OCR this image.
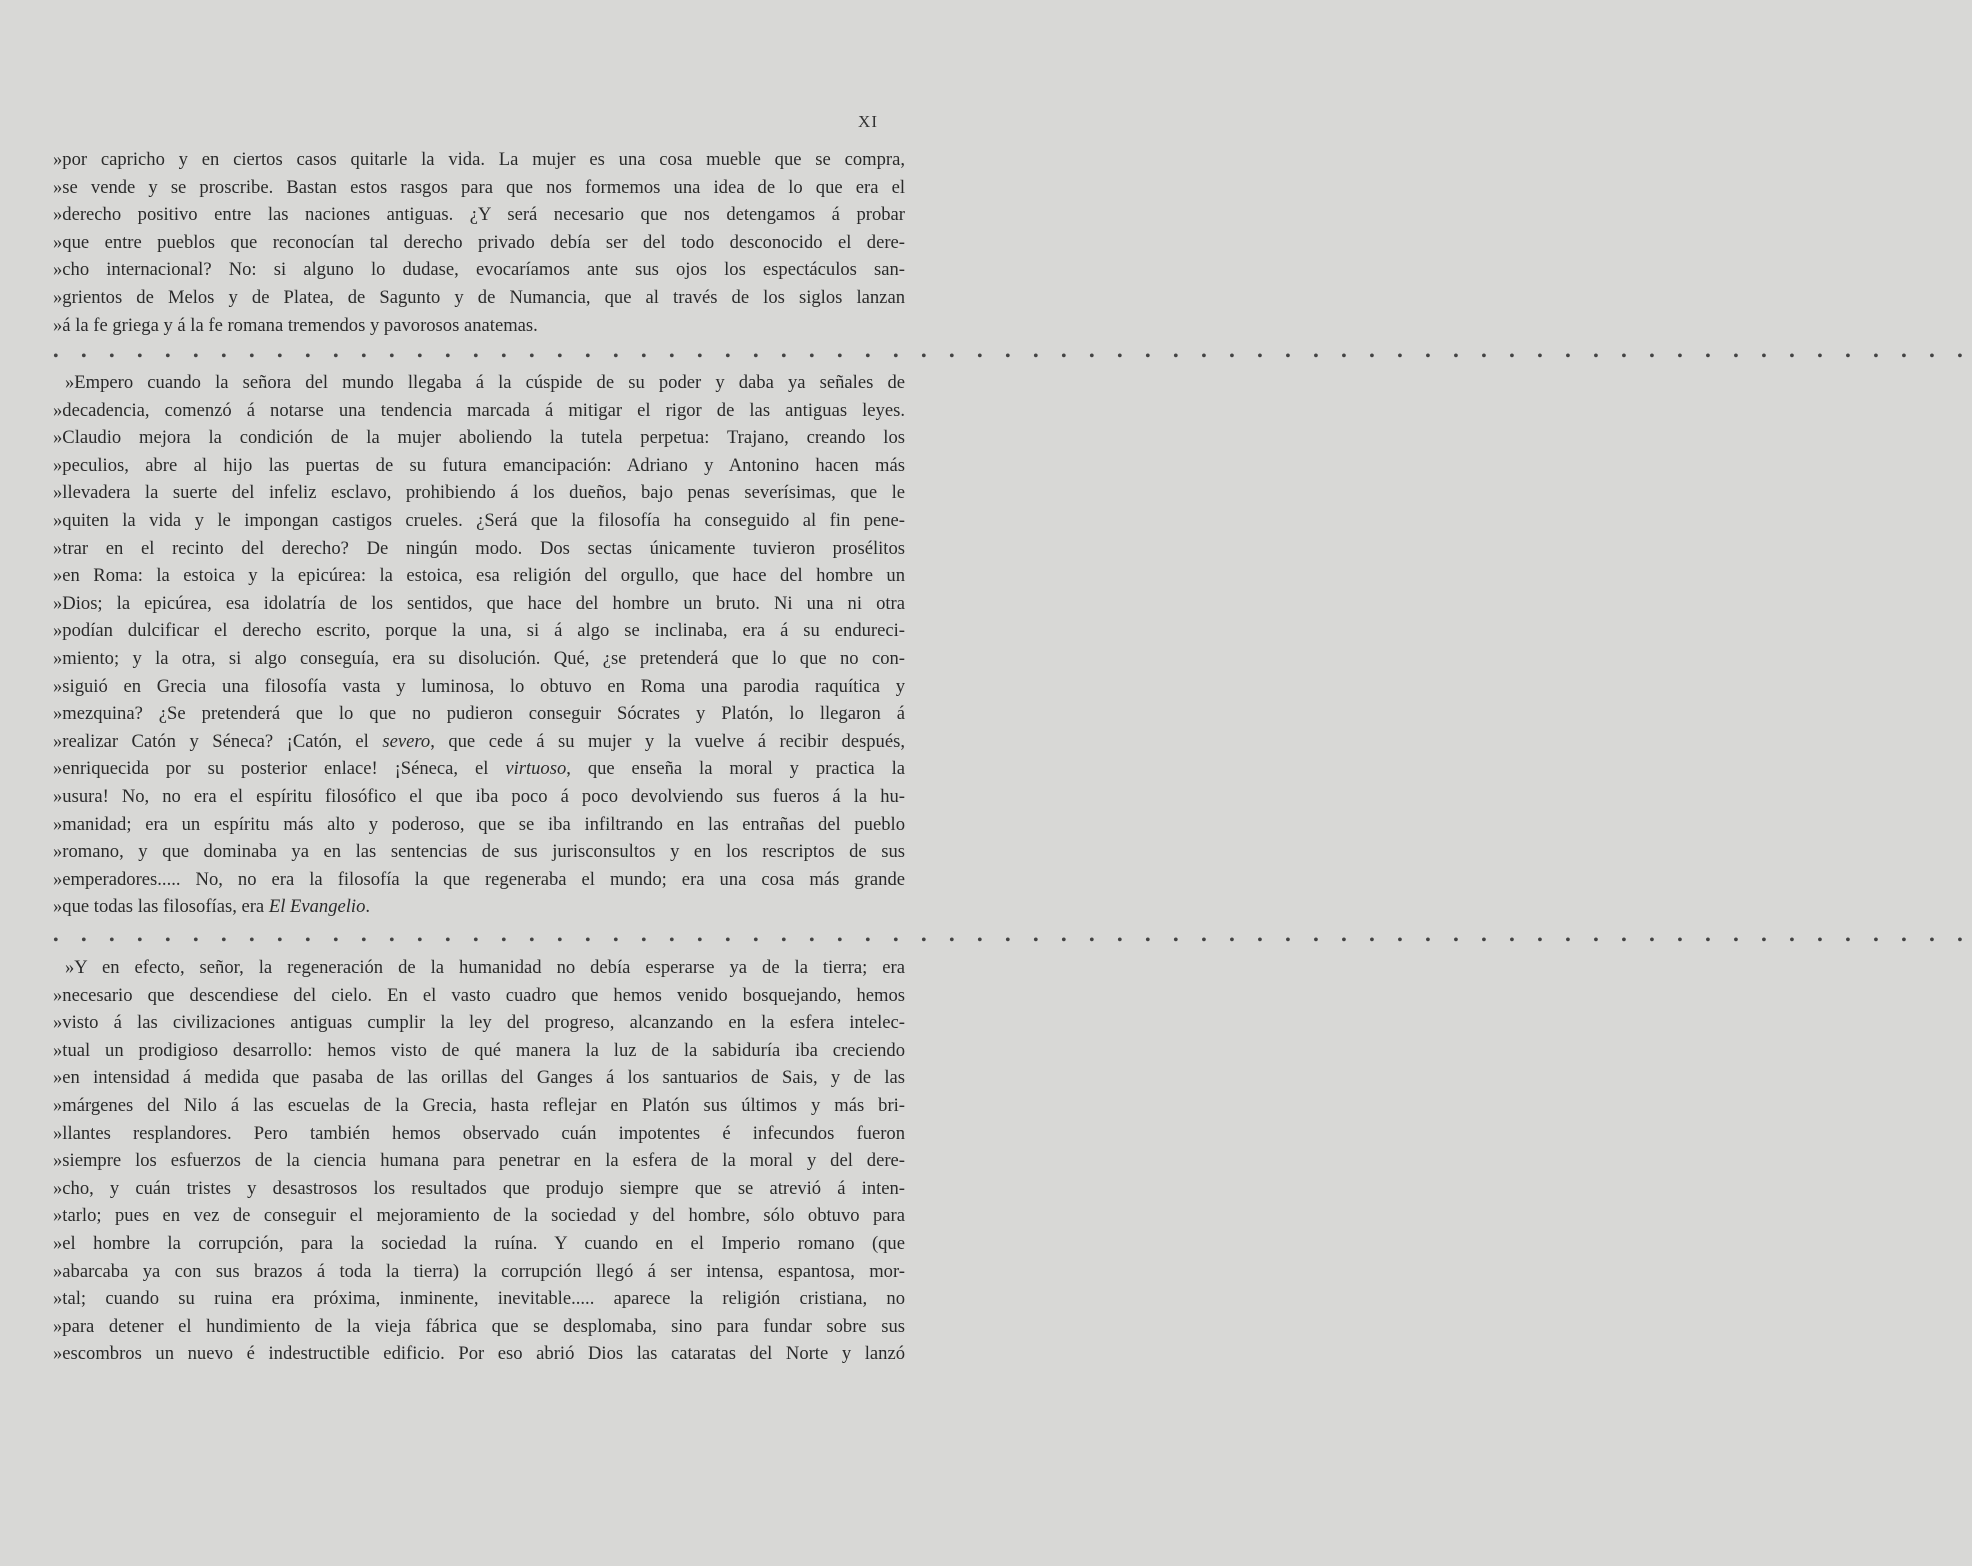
XI
»por capricho y en ciertos casos quitarle la vida. La mujer es una cosa mueble que se compra,
»se vende y se proscribe. Bastan estos rasgos para que nos formemos una idea de lo que era el
»derecho positivo entre las naciones antiguas. ¿Y será necesario que nos detengamos á probar
»que entre pueblos que reconocían tal derecho privado debía ser del todo desconocido el dere-
»cho internacional? No: si alguno lo dudase, evocaríamos ante sus ojos los espectáculos san-
»grientos de Melos y de Platea, de Sagunto y de Numancia, que al través de los siglos lanzan
»á la fe griega y á la fe romana tremendos y pavorosos anatemas.
• • • • • • • • • • • • • • • • • • • • • • • • • • • • • • • • • • • • • • • • • • • • • • • • • • • • • • • • • • • • • • • • • • • • •
»Empero cuando la señora del mundo llegaba á la cúspide de su poder y daba ya señales de
»decadencia, comenzó á notarse una tendencia marcada á mitigar el rigor de las antiguas leyes.
»Claudio mejora la condición de la mujer aboliendo la tutela perpetua: Trajano, creando los
»peculios, abre al hijo las puertas de su futura emancipación: Adriano y Antonino hacen más
»llevadera la suerte del infeliz esclavo, prohibiendo á los dueños, bajo penas severísimas, que le
»quiten la vida y le impongan castigos crueles. ¿Será que la filosofía ha conseguido al fin pene-
»trar en el recinto del derecho? De ningún modo. Dos sectas únicamente tuvieron prosélitos
»en Roma: la estoica y la epicúrea: la estoica, esa religión del orgullo, que hace del hombre un
»Dios; la epicúrea, esa idolatría de los sentidos, que hace del hombre un bruto. Ni una ni otra
»podían dulcificar el derecho escrito, porque la una, si á algo se inclinaba, era á su endureci-
»miento; y la otra, si algo conseguía, era su disolución. Qué, ¿se pretenderá que lo que no con-
»siguió en Grecia una filosofía vasta y luminosa, lo obtuvo en Roma una parodia raquítica y
»mezquina? ¿Se pretenderá que lo que no pudieron conseguir Sócrates y Platón, lo llegaron á
»realizar Catón y Séneca? ¡Catón, el severo, que cede á su mujer y la vuelve á recibir después,
»enriquecida por su posterior enlace! ¡Séneca, el virtuoso, que enseña la moral y practica la
»usura! No, no era el espíritu filosófico el que iba poco á poco devolviendo sus fueros á la hu-
»manidad; era un espíritu más alto y poderoso, que se iba infiltrando en las entrañas del pueblo
»romano, y que dominaba ya en las sentencias de sus jurisconsultos y en los rescriptos de sus
»emperadores..... No, no era la filosofía la que regeneraba el mundo; era una cosa más grande
»que todas las filosofías, era El Evangelio.
• • • • • • • • • • • • • • • • • • • • • • • • • • • • • • • • • • • • • • • • • • • • • • • • • • • • • • • • • • • • • • • • • • • • •
»Y en efecto, señor, la regeneración de la humanidad no debía esperarse ya de la tierra; era
»necesario que descendiese del cielo. En el vasto cuadro que hemos venido bosquejando, hemos
»visto á las civilizaciones antiguas cumplir la ley del progreso, alcanzando en la esfera intelec-
»tual un prodigioso desarrollo: hemos visto de qué manera la luz de la sabiduría iba creciendo
»en intensidad á medida que pasaba de las orillas del Ganges á los santuarios de Sais, y de las
»márgenes del Nilo á las escuelas de la Grecia, hasta reflejar en Platón sus últimos y más bri-
»llantes resplandores. Pero también hemos observado cuán impotentes é infecundos fueron
»siempre los esfuerzos de la ciencia humana para penetrar en la esfera de la moral y del dere-
»cho, y cuán tristes y desastrosos los resultados que produjo siempre que se atrevió á inten-
»tarlo; pues en vez de conseguir el mejoramiento de la sociedad y del hombre, sólo obtuvo para
»el hombre la corrupción, para la sociedad la ruína. Y cuando en el Imperio romano (que
»abarcaba ya con sus brazos á toda la tierra) la corrupción llegó á ser intensa, espantosa, mor-
»tal; cuando su ruina era próxima, inminente, inevitable..... aparece la religión cristiana, no
»para detener el hundimiento de la vieja fábrica que se desplomaba, sino para fundar sobre sus
»escombros un nuevo é indestructible edificio. Por eso abrió Dios las cataratas del Norte y lanzó
